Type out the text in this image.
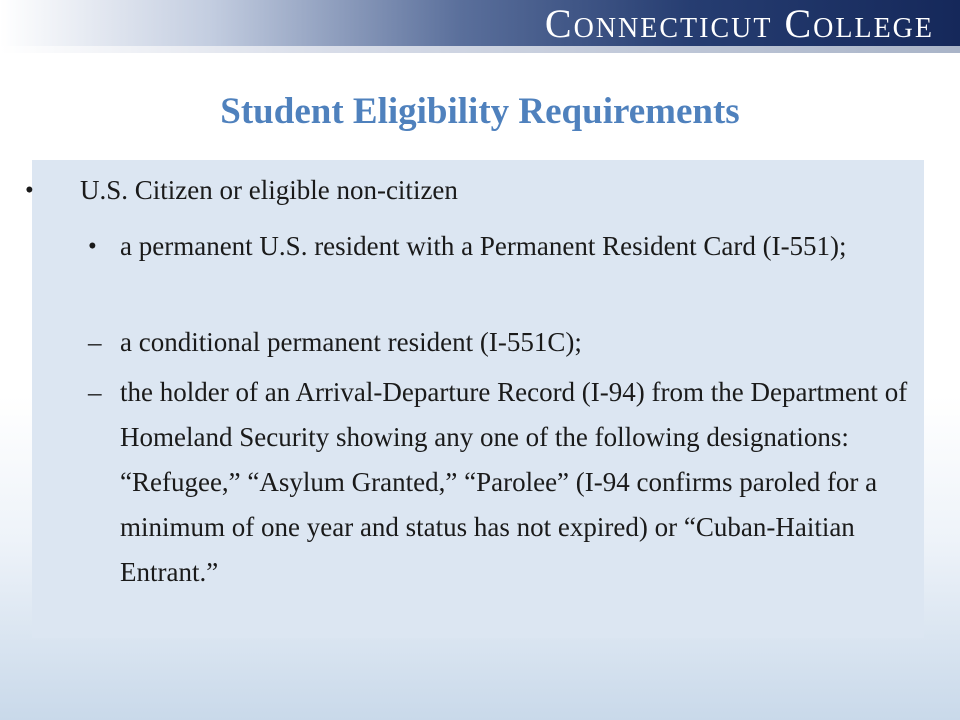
Connecticut College
Student Eligibility Requirements
• U.S. Citizen or eligible non-citizen
• a permanent U.S. resident with a Permanent Resident Card (I-551);
– a conditional permanent resident (I-551C);
– the holder of an Arrival-Departure Record (I-94) from the Department of Homeland Security showing any one of the following designations: “Refugee,” “Asylum Granted,” “Parolee” (I-94 confirms paroled for a minimum of one year and status has not expired) or “Cuban-Haitian Entrant.”
